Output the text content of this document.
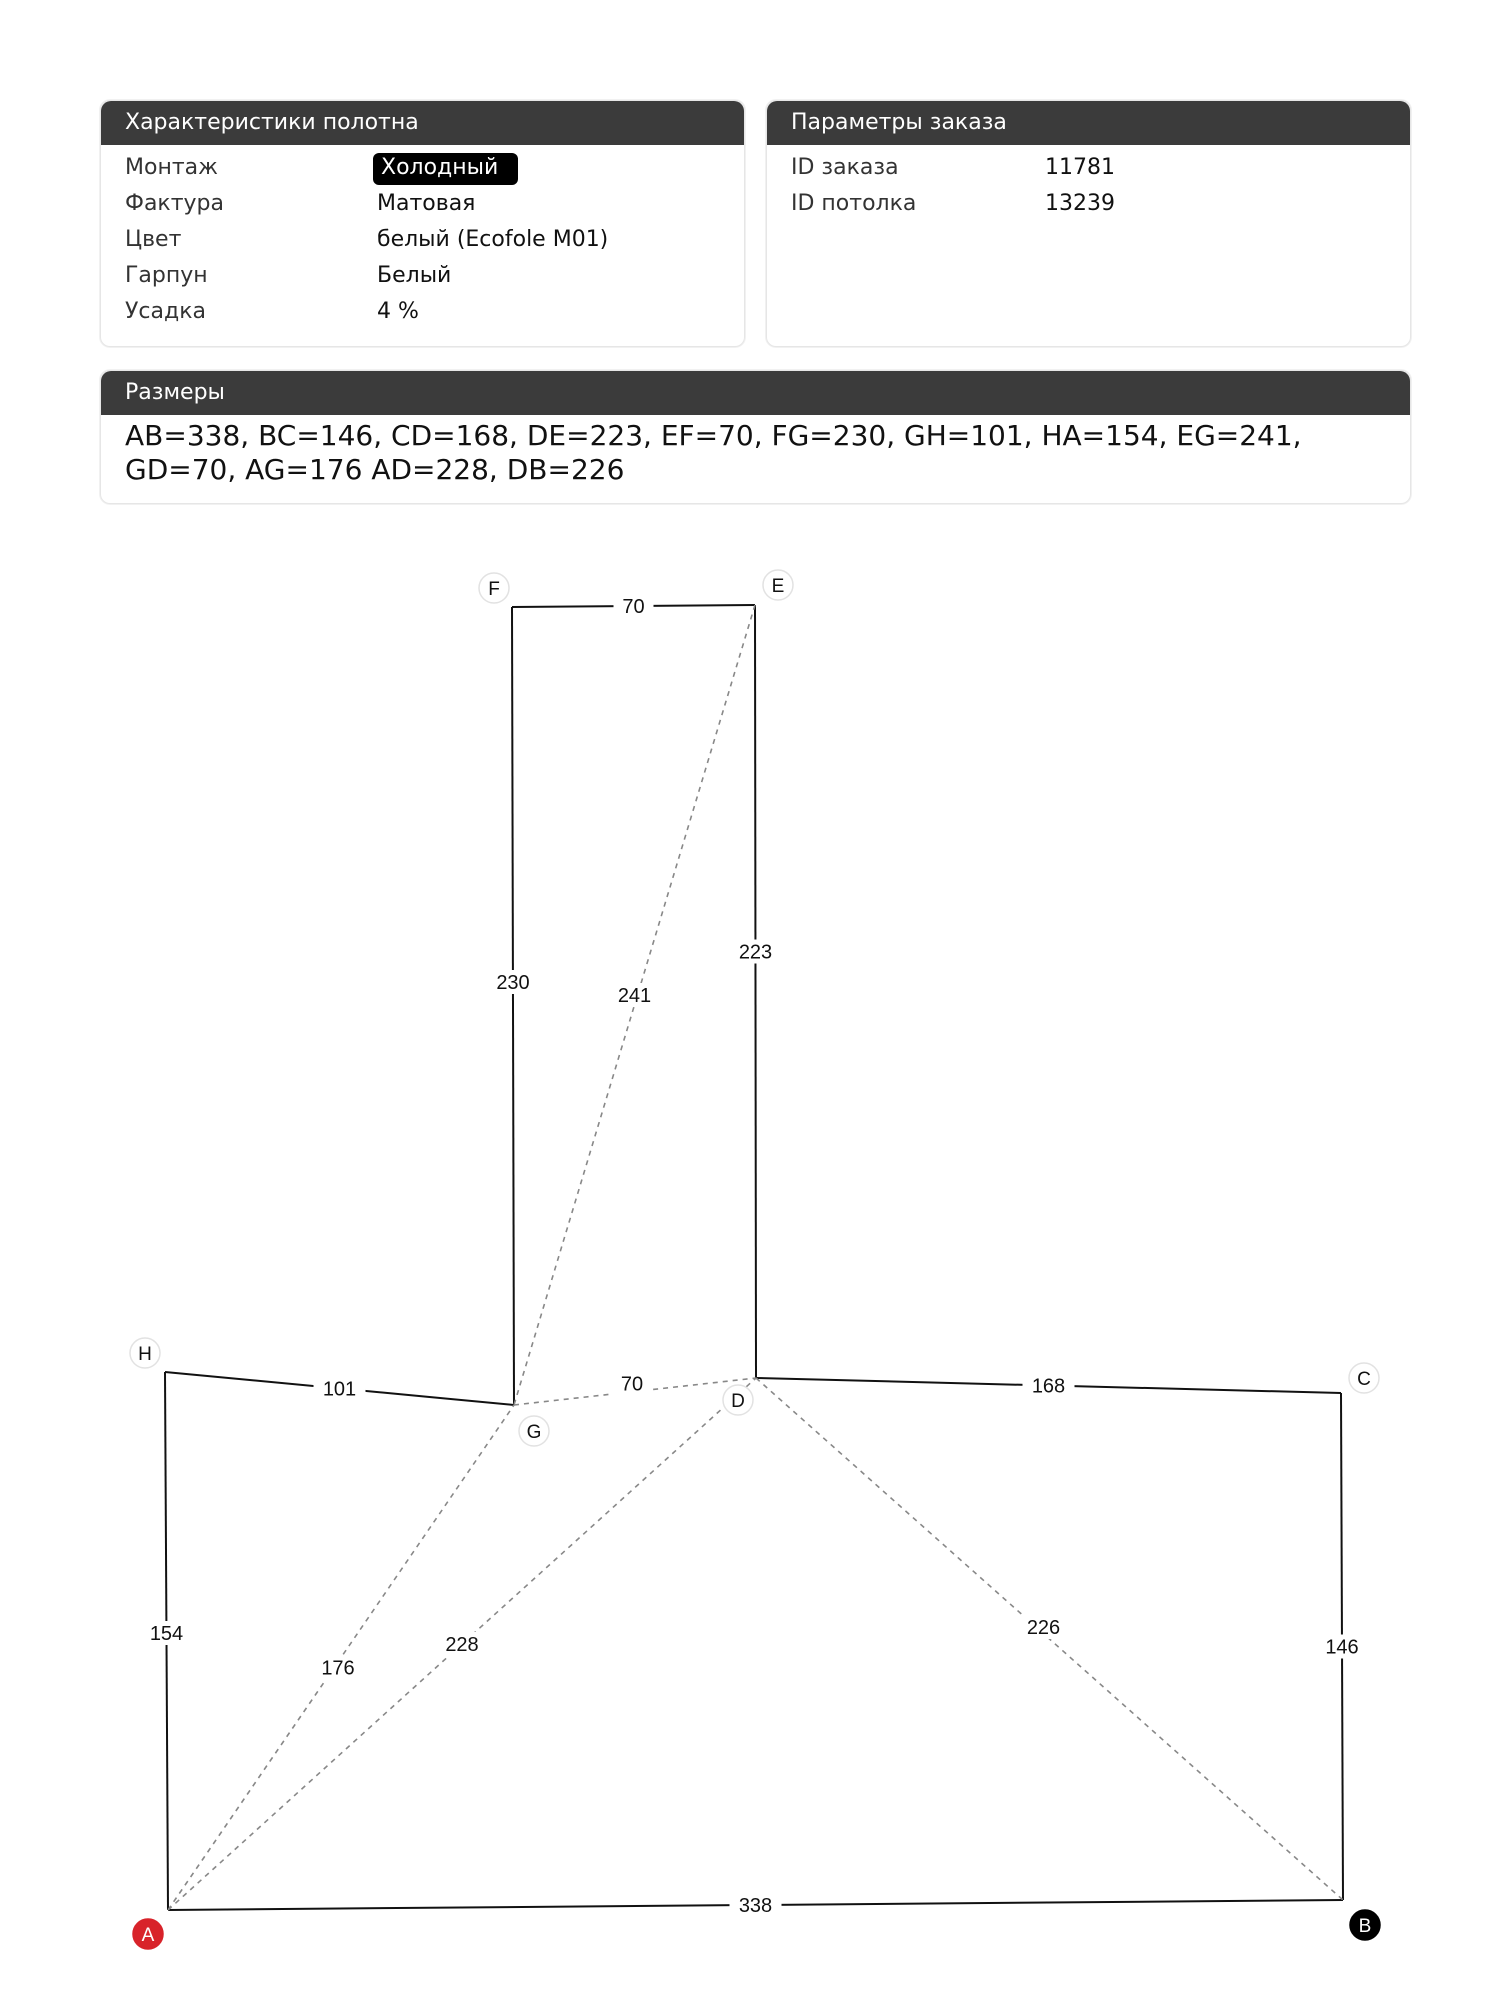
Характеристики полотна
Монтаж	Холодный
Фактура	Матовая
Цвет	белый (Ecofole M01)
Гарпун	Белый
Усадка	4 %
Параметры заказа
ID заказа	11781
ID потолка	13239
Размеры
AB=338, BC=146, CD=168, DE=223, EF=70, FG=230, GH=101, HA=154, EG=241, GD=70, AG=176 AD=228, DB=226
338
146
168
223
70
230
101
154
241
70
176
228
226
A	B
C
D
E
F
G
H
